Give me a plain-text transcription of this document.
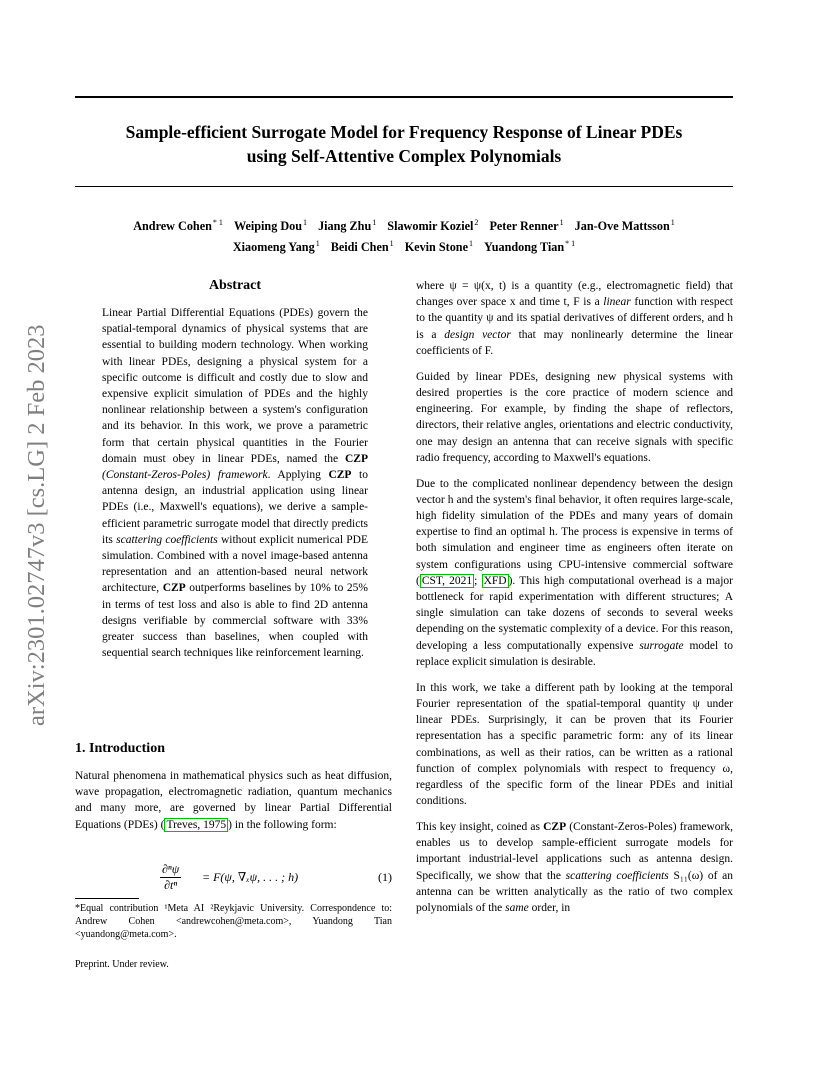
Sample-efficient Surrogate Model for Frequency Response of Linear PDEs
using Self-Attentive Complex Polynomials
Andrew Cohen$^{* 1}$ Weiping Dou$^1$ Jiang Zhu$^1$ Slawomir Koziel$^2$ Peter Renner$^1$ Jan-Ove Mattsson$^1$
Xiaomeng Yang$^1$ Beidi Chen$^1$ Kevin Stone$^1$ Yuandong Tian$^{* 1}$
arXiv:2301.02747v3 [cs.LG] 2 Feb 2023
Abstract

Linear Partial Differential Equations (PDEs) govern the spatial-temporal dynamics of physical systems that are essential to building modern technology. When working with linear PDEs, designing a physical system for a specific outcome is difficult and costly due to slow and expensive explicit simulation of PDEs and the highly nonlinear relationship between a system's configuration and its behavior. In this work, we prove a parametric form that certain physical quantities in the Fourier domain must obey in linear PDEs, named the CZP (Constant-Zeros-Poles) framework. Applying CZP to antenna design, an industrial application using linear PDEs (i.e., Maxwell's equations), we derive a sample-efficient parametric surrogate model that directly predicts its scattering coefficients without explicit numerical PDE simulation. Combined with a novel image-based antenna representation and an attention-based neural network architecture, CZP outperforms baselines by 10% to 25% in terms of test loss and also is able to find 2D antenna designs verifiable by commercial software with 33% greater success than baselines, when coupled with sequential search techniques like reinforcement learning.

1. Introduction

Natural phenomena in mathematical physics such as heat diffusion, wave propagation, electromagnetic radiation, quantum mechanics and many more, are governed by linear Partial Differential Equations (PDEs) ( Treves, 1975 ) in the following form:

$\frac{\text{∂ⁿψ}}{\text{∂tⁿ}} = F(\psi$, ∇ₓψ, . . . ; h)	(1)

*Equal contribution ¹Meta AI ²Reykjavic University. Correspondence to: Andrew Cohen <andrewcohen@meta.com>, Yuandong Tian <yuandong@meta.com>.

Preprint. Under review.

where ψ = ψ(x, t) is a quantity (e.g., electromagnetic field) that changes over space x and time t, F is a linear function with respect to the quantity ψ and its spatial derivatives of different orders, and h is a design vector that may nonlinearly determine the linear coefficients of F.

Guided by linear PDEs, designing new physical systems with desired properties is the core practice of modern science and engineering. For example, by finding the shape of reflectors, directors, their relative angles, orientations and electric conductivity, one may design an antenna that can receive signals with specific radio frequency, according to Maxwell's equations.

Due to the complicated nonlinear dependency between the design vector h and the system's final behavior, it often requires large-scale, high fidelity simulation of the PDEs and many years of domain expertise to find an optimal h. The process is expensive in terms of both simulation and engineer time as engineers often iterate on system configurations using CPU-intensive commercial software ( CST, 2021 ; XFD ). This high computational overhead is a major bottleneck for rapid experimentation with different structures; A single simulation can take dozens of seconds to several weeks depending on the systematic complexity of a device. For this reason, developing a less computationally expensive surrogate model to replace explicit simulation is desirable.

In this work, we take a different path by looking at the temporal Fourier representation of the spatial-temporal quantity ψ under linear PDEs. Surprisingly, it can be proven that its Fourier representation has a specific parametric form: any of its linear combinations, as well as their ratios, can be written as a rational function of complex polynomials with respect to frequency ω, regardless of the specific form of the linear PDEs and initial conditions.

This key insight, coined as CZP (Constant-Zeros-Poles) framework, enables us to develop sample-efficient surrogate models for important industrial-level applications such as antenna design. Specifically, we show that the scattering coefficients S₁₁(ω) of an antenna can be written analytically as the ratio of two complex polynomials of the same order, in
